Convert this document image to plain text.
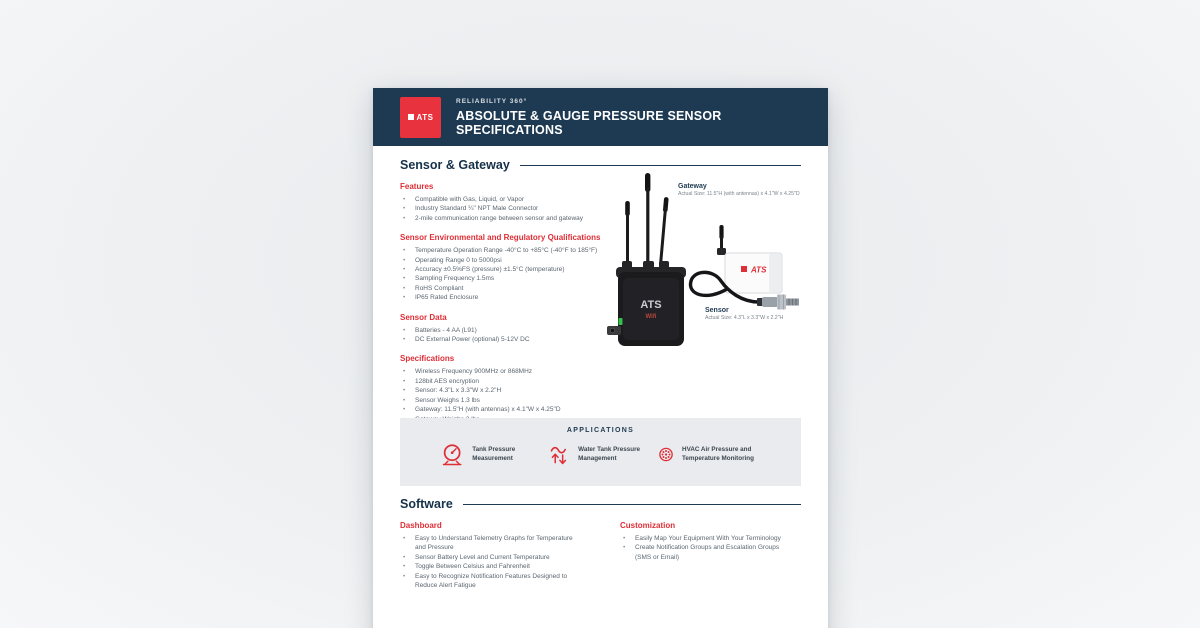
ATS
RELIABILITY 360°
ABSOLUTE & GAUGE PRESSURE SENSOR SPECIFICATIONS
Sensor & Gateway
Features
• Compatible with Gas, Liquid, or Vapor
• Industry Standard ¼" NPT Male Connector
• 2-mile communication range between sensor and gateway
Sensor Environmental and Regulatory Qualifications
• Temperature Operation Range -40°C to +85°C (-40°F to 185°F)
• Operating Range 0 to 5000psi
• Accuracy ±0.5%FS (pressure) ±1.5°C (temperature)
• Sampling Frequency 1.5ms
• RoHS Compliant
• IP65 Rated Enclosure
Sensor Data
• Batteries - 4 AA (L91)
• DC External Power (optional) 5-12V DC
Specifications
• Wireless Frequency 900MHz or 868MHz
• 128bit AES encryption
• Sensor: 4.3"L x 3.3"W x 2.2"H
• Sensor Weighs 1.3 lbs
• Gateway: 11.5"H (with antennas) x 4.1"W x 4.25"D
•
ATS
Wifi
ATS
Gateway
Actual Size: 11.5"H (with antennas) x 4.1"W x 4.25"D
Sensor
Actual Size: 4.3"L x 3.3"W x 2.2"H
APPLICATIONS
Tank Pressure Measurement
Water Tank Pressure Management
HVAC Air Pressure and Temperature Monitoring
Software
Dashboard
• Easy to Understand Telemetry Graphs for Temperature and Pressure
• Sensor Battery Level and Current Temperature
• Toggle Between Celsius and Fahrenheit
• Easy to Recognize Notification Features Designed to Reduce Alert Fatigue
Customization
• Easily Map Your Equipment With Your Terminology
• Create Notification Groups and Escalation Groups (SMS or Email)
